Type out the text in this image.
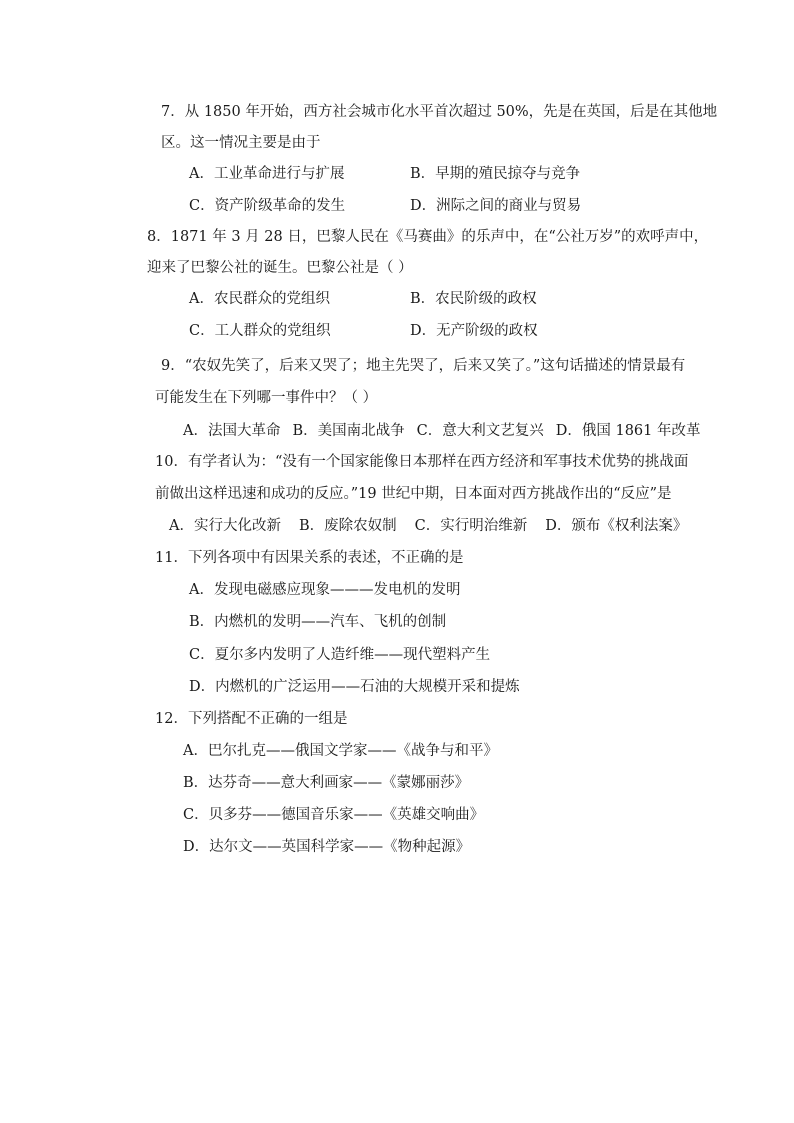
7．从 1850 年开始，西方社会城市化水平首次超过 50%，先是在英国，后是在其他地
区。这一情况主要是由于
A．工业革命进行与扩展	B．早期的殖民掠夺与竞争
C．资产阶级革命的发生	D．洲际之间的商业与贸易
8．1871 年 3 月 28 日，巴黎人民在《马赛曲》的乐声中，在“公社万岁”的欢呼声中，
迎来了巴黎公社的诞生。巴黎公社是（ ）
A．农民群众的党组织	B．农民阶级的政权
C．工人群众的党组织	D．无产阶级的政权
9．“农奴先笑了，后来又哭了；地主先哭了，后来又笑了。”这句话描述的情景最有
可能发生在下列哪一事件中？（ ）
A．法国大革命 B．美国南北战争 C．意大利文艺复兴 D．俄国 1861 年改革
10．有学者认为：“没有一个国家能像日本那样在西方经济和军事技术优势的挑战面
前做出这样迅速和成功的反应。”19 世纪中期，日本面对西方挑战作出的“反应”是
A．实行大化改新 B．废除农奴制 C．实行明治维新 D．颁布《权利法案》
11．下列各项中有因果关系的表述，不正确的是
A．发现电磁感应现象———发电机的发明
B．内燃机的发明——汽车、飞机的创制
C．夏尔多内发明了人造纤维——现代塑料产生
D．内燃机的广泛运用——石油的大规模开采和提炼
12．下列搭配不正确的一组是
A．巴尔扎克——俄国文学家——《战争与和平》
B．达芬奇——意大利画家——《蒙娜丽莎》
C．贝多芬——德国音乐家——《英雄交响曲》
D．达尔文——英国科学家——《物种起源》
